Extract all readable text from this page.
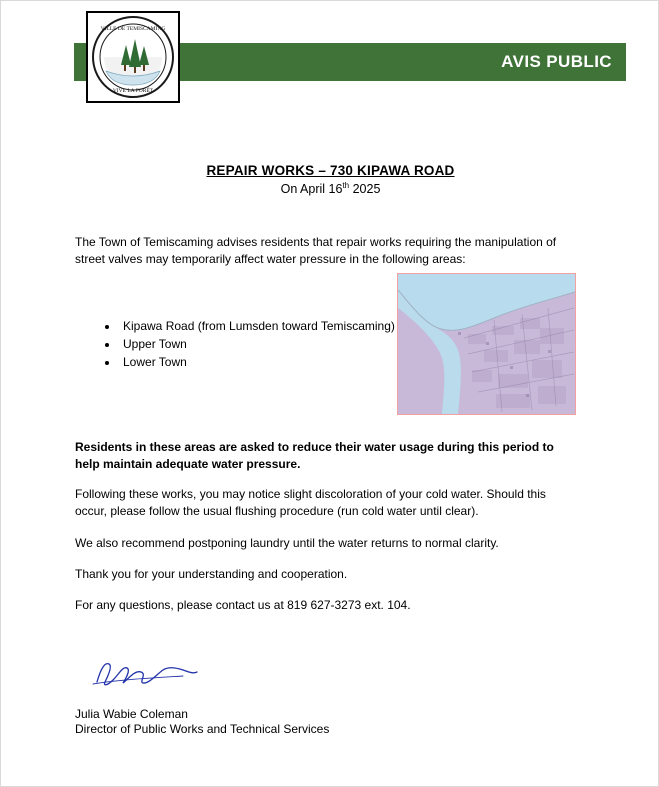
AVIS PUBLIC
VILLE DE TEMISCAMING
VIVE LA FORÊT
REPAIR WORKS – 730 KIPAWA ROAD
On April 16th 2025
The Town of Temiscaming advises residents that repair works requiring the manipulation of street valves may temporarily affect water pressure in the following areas:
• Kipawa Road (from Lumsden toward Temiscaming)
• Upper Town
• Lower Town
Residents in these areas are asked to reduce their water usage during this period to help maintain adequate water pressure.
Following these works, you may notice slight discoloration of your cold water. Should this occur, please follow the usual flushing procedure (run cold water until clear).
We also recommend postponing laundry until the water returns to normal clarity.
Thank you for your understanding and cooperation.
For any questions, please contact us at 819 627-3273 ext. 104.
Julia Wabie Coleman
Director of Public Works and Technical Services
